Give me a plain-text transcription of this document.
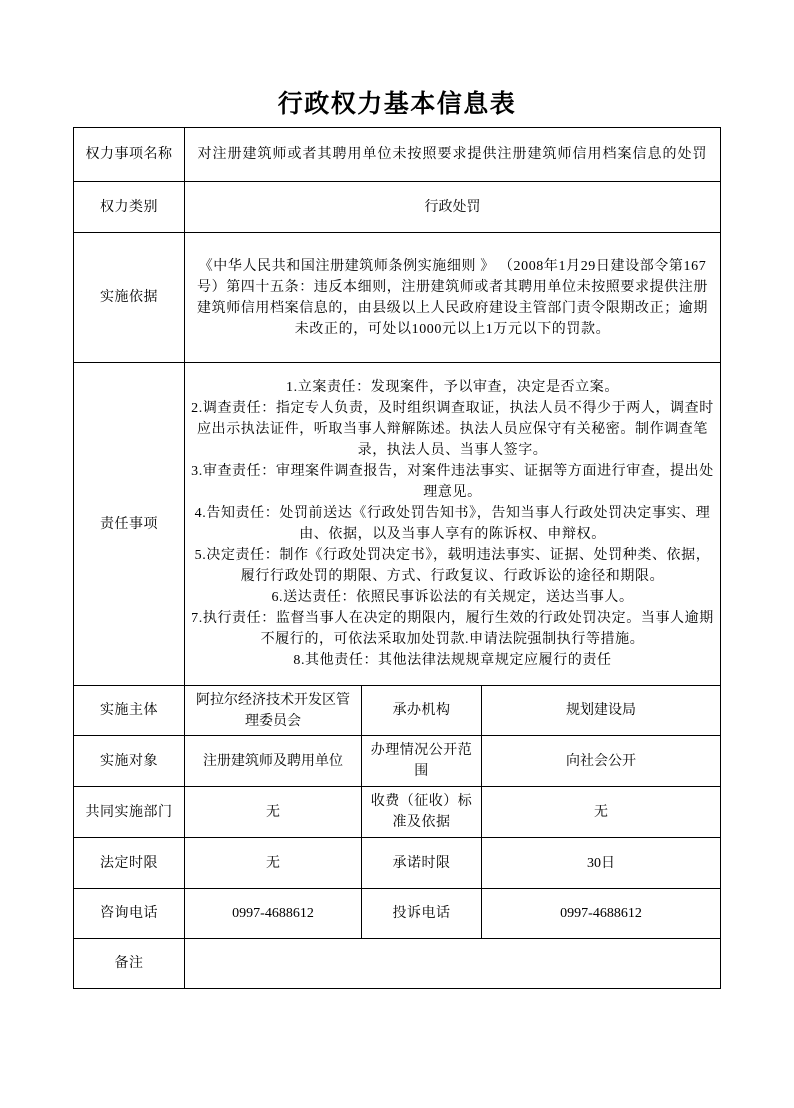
行政权力基本信息表
权力事项名称	对注册建筑师或者其聘用单位未按照要求提供注册建筑师信用档案信息的处罚		
权力类别	行政处罚		
实施依据	《中华人民共和国注册建筑师条例实施细则 》 （2008年1月29日建设部令第167号）第四十五条：违反本细则，注册建筑师或者其聘用单位未按照要求提供注册建筑师信用档案信息的，由县级以上人民政府建设主管部门责令限期改正；逾期未改正的，可处以1000元以上1万元以下的罚款。		
责任事项	
1.立案责任：发现案件，予以审查，决定是否立案。
2.调查责任：指定专人负责，及时组织调查取证，执法人员不得少于两人，调查时应出示执法证件，听取当事人辩解陈述。执法人员应保守有关秘密。制作调查笔录，执法人员、当事人签字。
3.审查责任：审理案件调查报告，对案件违法事实、证据等方面进行审查，提出处理意见。
4.告知责任：处罚前送达《行政处罚告知书》，告知当事人行政处罚决定事实、理由、依据，以及当事人享有的陈诉权、申辩权。
5.决定责任：制作《行政处罚决定书》，载明违法事实、证据、处罚种类、依据，履行行政处罚的期限、方式、行政复议、行政诉讼的途径和期限。
6.送达责任：依照民事诉讼法的有关规定，送达当事人。
7.执行责任：监督当事人在决定的期限内，履行生效的行政处罚决定。当事人逾期不履行的，可依法采取加处罚款.申请法院强制执行等措施。
8.其他责任：其他法律法规规章规定应履行的责任

实施主体	阿拉尔经济技术开发区管理委员会	承办机构	规划建设局
实施对象	注册建筑师及聘用单位	办理情况公开范围	向社会公开
共同实施部门	无	收费（征收）标准及依据	无
法定时限	无	承诺时限	30日
咨询电话	0997-4688612	投诉电话	0997-4688612
备注			
